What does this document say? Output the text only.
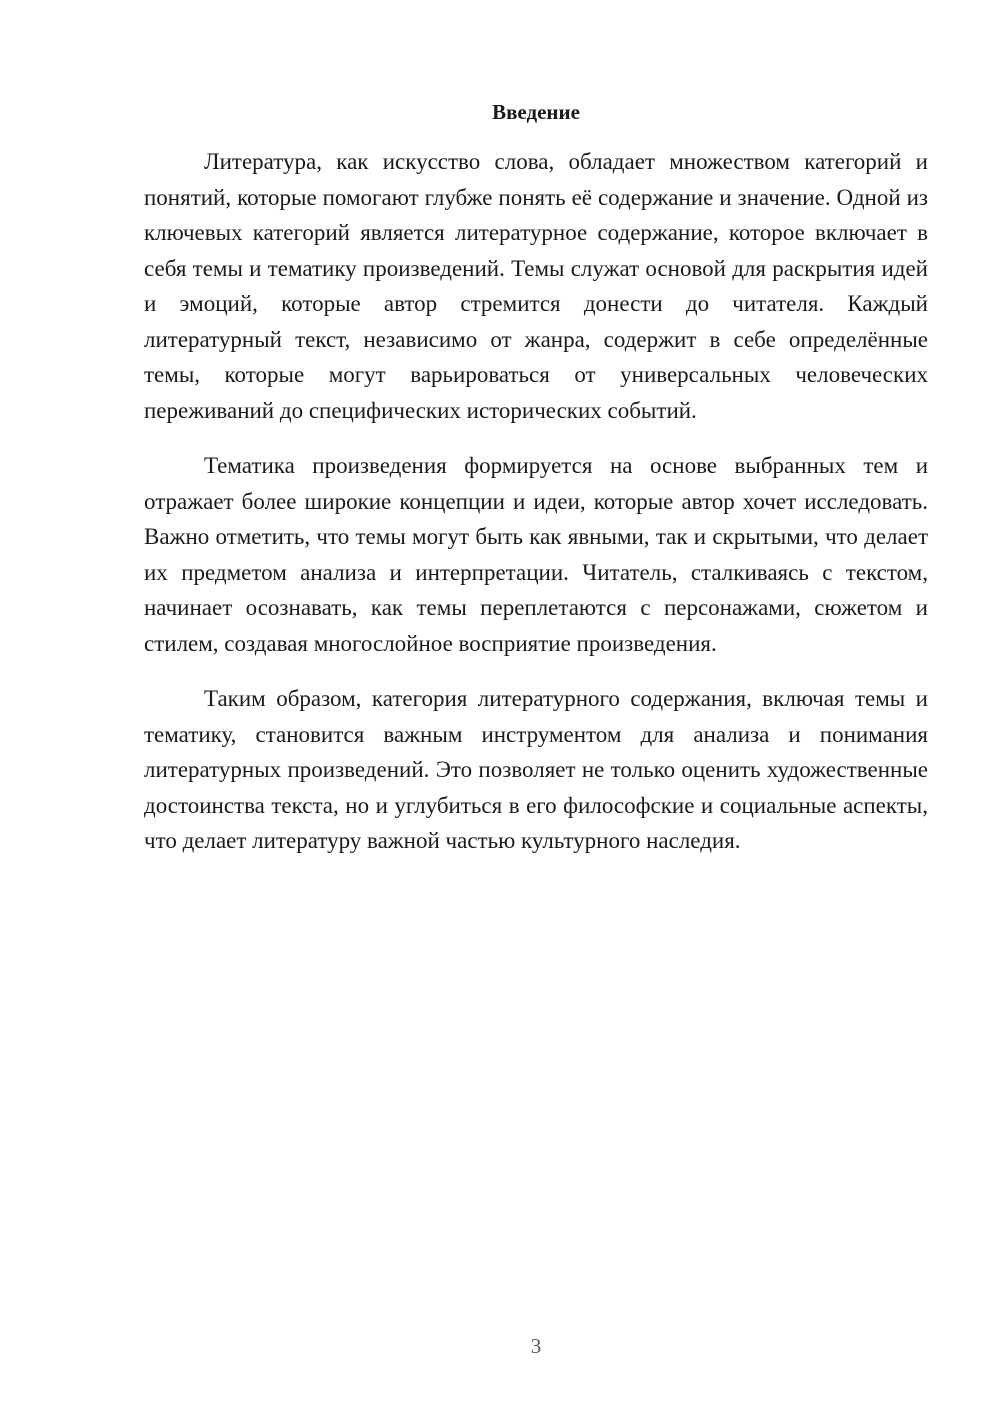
Введение

Литература, как искусство слова, обладает множеством категорий и понятий, которые помогают глубже понять её содержание и значение. Одной из ключевых категорий является литературное содержание, которое включает в себя темы и тематику произведений. Темы служат основой для раскрытия идей и эмоций, которые автор стремится донести до читателя. Каждый литературный текст, независимо от жанра, содержит в себе определённые темы, которые могут варьироваться от универсальных человеческих переживаний до специфических исторических событий.

Тематика произведения формируется на основе выбранных тем и отражает более широкие концепции и идеи, которые автор хочет исследовать. Важно отметить, что темы могут быть как явными, так и скрытыми, что делает их предметом анализа и интерпретации. Читатель, сталкиваясь с текстом, начинает осознавать, как темы переплетаются с персонажами, сюжетом и стилем, создавая многослойное восприятие произведения.

Таким образом, категория литературного содержания, включая темы и тематику, становится важным инструментом для анализа и понимания литературных произведений. Это позволяет не только оценить художественные достоинства текста, но и углубиться в его философские и социальные аспекты, что делает литературу важной частью культурного наследия.

3
